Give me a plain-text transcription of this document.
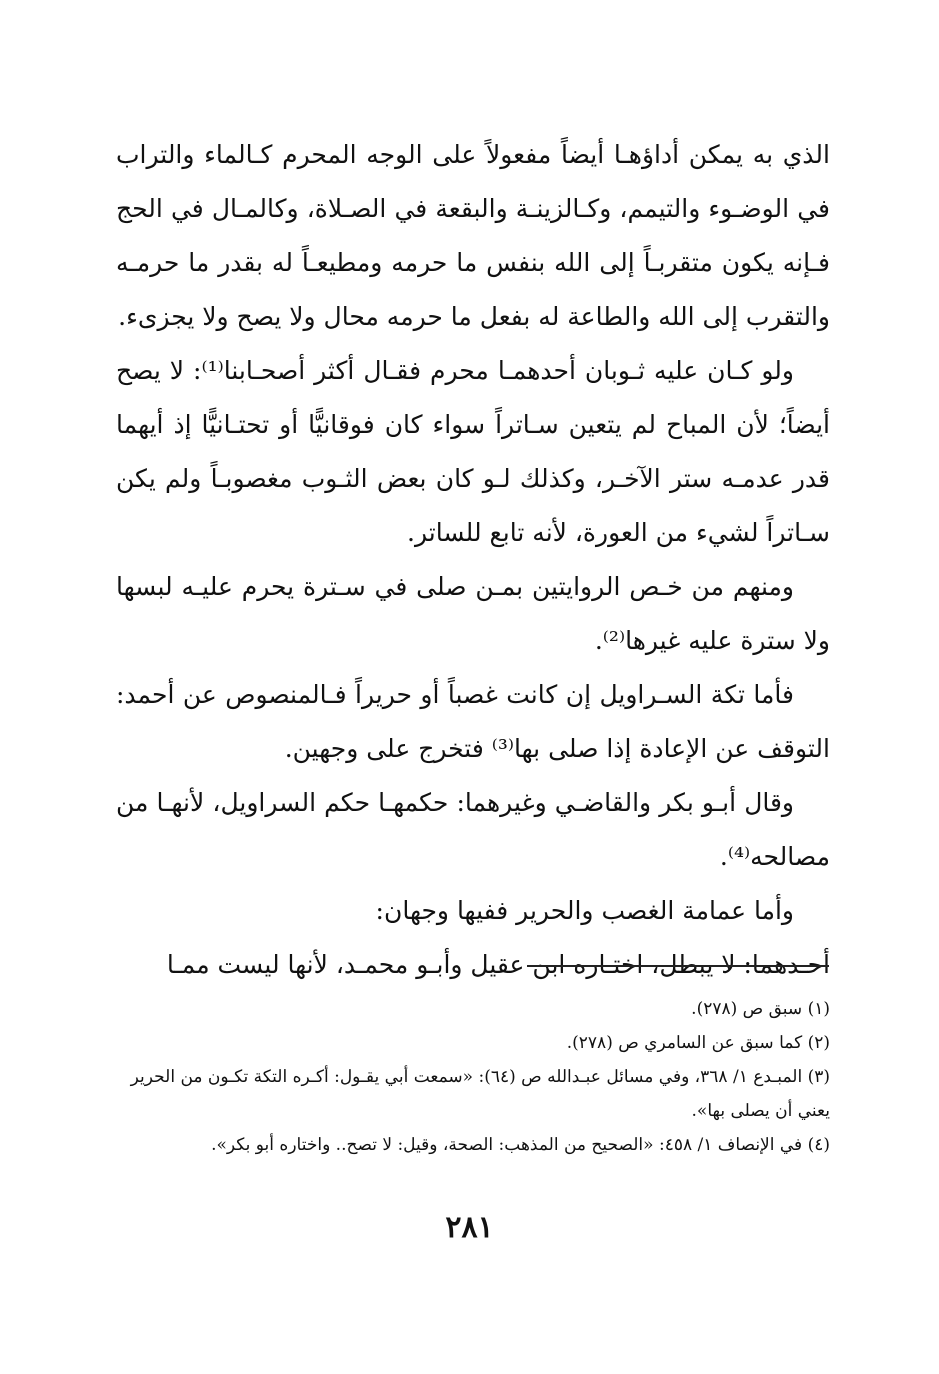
الذي به يمكن أداؤهـا أيضاً مفعولاً على الوجه المحرم كـالماء والتراب في الوضـوء والتيمم، وكـالزينـة والبقعة في الصـلاة، وكالمـال في الحج فـإنه يكون متقربـاً إلى الله بنفس ما حرمه ومطيعـاً له بقدر ما حرمـه والتقرب إلى الله والطاعة له بفعل ما حرمه محال ولا يصح ولا يجزىء.

ولو كـان عليه ثـوبان أحدهمـا محرم فقـال أكثر أصحـابنا⁽¹⁾: لا يصح أيضاً؛ لأن المباح لم يتعين سـاتراً سواء كان فوقانيًّا أو تحتـانيًّا إذ أيهما قدر عدمـه ستر الآخـر، وكذلك لـو كان بعض الثـوب مغصوبـاً ولم يكن سـاتراً لشيء من العورة، لأنه تابع للساتر.

ومنهم من خـص الروايتين بمـن صلى في سـترة يحرم عليـه لبسها ولا سترة عليه غيرها⁽²⁾.

فأما تكة السـراويل إن كانت غصباً أو حريراً فـالمنصوص عن أحمد: التوقف عن الإعادة إذا صلى بها⁽³⁾ فتخرج على وجهين.

وقال أبـو بكر والقاضـي وغيرهما: حكمهـا حكم السراويل، لأنهـا من مصالحه⁽⁴⁾.

وأما عمامة الغصب والحرير ففيها وجهان:

أحـدهما: لا يبطل، اختـاره ابن عقيل وأبـو محمـد، لأنها ليست ممـا

(١) سبق ص (٢٧٨).

(٢) كما سبق عن السامري ص (٢٧٨).

(٣) المبـدع ١/ ٣٦٨، وفي مسائل عبـدالله ص (٦٤): «سمعت أبي يقـول: أكـره التكة تكـون من الحرير يعني أن يصلى بها».

(٤) في الإنصاف ١/ ٤٥٨: «الصحيح من المذهب: الصحة، وقيل: لا تصح.. واختاره أبو بكر».

٢٨١
